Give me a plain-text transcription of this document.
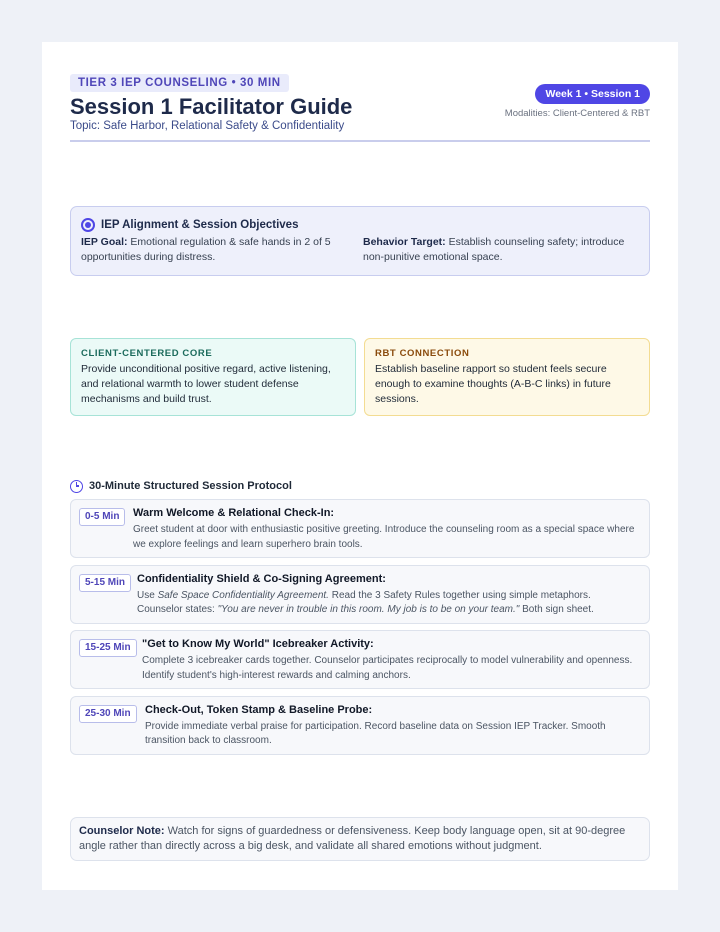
TIER 3 IEP COUNSELING • 30 MIN
Session 1 Facilitator Guide
Topic: Safe Harbor, Relational Safety & Confidentiality
Week 1 • Session 1
Modalities: Client-Centered & RBT
IEP Alignment & Session Objectives
IEP Goal: Emotional regulation & safe hands in 2 of 5 opportunities during distress.
Behavior Target: Establish counseling safety; introduce non-punitive emotional space.
CLIENT-CENTERED CORE
Provide unconditional positive regard, active listening, and relational warmth to lower student defense mechanisms and build trust.
RBT CONNECTION
Establish baseline rapport so student feels secure enough to examine thoughts (A-B-C links) in future sessions.
30-Minute Structured Session Protocol
0-5 Min	Warm Welcome & Relational Check-In:
Greet student at door with enthusiastic positive greeting. Introduce the counseling room as a special space where we explore feelings and learn superhero brain tools.
5-15 Min	Confidentiality Shield & Co-Signing Agreement:
Use Safe Space Confidentiality Agreement. Read the 3 Safety Rules together using simple metaphors. Counselor states: "You are never in trouble in this room. My job is to be on your team." Both sign sheet.
15-25 Min	"Get to Know My World" Icebreaker Activity:
Complete 3 icebreaker cards together. Counselor participates reciprocally to model vulnerability and openness. Identify student's high-interest rewards and calming anchors.
25-30 Min	Check-Out, Token Stamp & Baseline Probe:
Provide immediate verbal praise for participation. Record baseline data on Session IEP Tracker. Smooth transition back to classroom.
Counselor Note: Watch for signs of guardedness or defensiveness. Keep body language open, sit at 90-degree angle rather than directly across a big desk, and validate all shared emotions without judgment.
